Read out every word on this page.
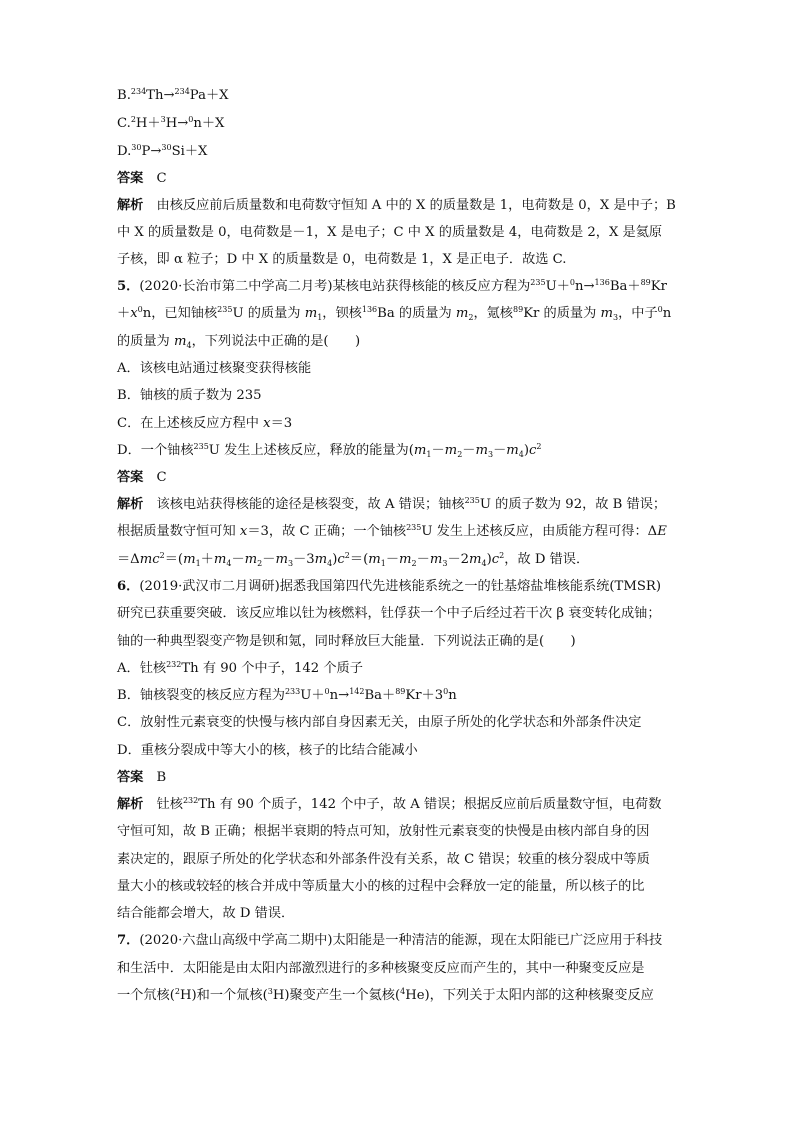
B.$^{234}$Th→$^{234}$Pa＋X
C.$^2$H＋$^3$H→$^0$n＋X
D.$^{30}$P→$^{30}$Si＋X
答案　C
解析　由核反应前后质量数和电荷数守恒知 A 中的 X 的质量数是 1，电荷数是 0，X 是中子；B
中 X 的质量数是 0，电荷数是－1，X 是电子；C 中 X 的质量数是 4，电荷数是 2，X 是氦原
子核，即 α 粒子；D 中 X 的质量数是 0，电荷数是 1，X 是正电子．故选 C.
5．(2020·长治市第二中学高二月考)某核电站获得核能的核反应方程为$^{235}$U＋$^0$n→$^{136}$Ba＋$^{89}$Kr
$+x^0n$，已知铀核$^{235}$U 的质量为 $m_1$，钡核$^{136}$Ba 的质量为 $m_2$，氪核$^{89}$Kr 的质量为 $m_3$，中子$^0$n
的质量为 $m_4$，下列说法中正确的是(　　)
A．该核电站通过核聚变获得核能
B．铀核的质子数为 235
C．在上述核反应方程中 x＝3
D．一个铀核$^{235}$U 发生上述核反应，释放的能量为$(m_1-m_2-m_3-m_4)c^2$
答案　C
解析　该核电站获得核能的途径是核裂变，故 A 错误；铀核$^{235}$U 的质子数为 92，故 B 错误；
根据质量数守恒可知 x＝3，故 C 正确；一个铀核$^{235}$U 发生上述核反应，由质能方程可得：ΔE
$=\Delta mc^2=(m_1+m_4-m_2-m_3-3m_4)c^2=(m_1-m_2-m_3-2m_4)c^2$，故 D 错误．
6．(2019·武汉市二月调研)据悉我国第四代先进核能系统之一的钍基熔盐堆核能系统(TMSR)
研究已获重要突破．该反应堆以钍为核燃料，钍俘获一个中子后经过若干次 β 衰变转化成铀；
铀的一种典型裂变产物是钡和氪，同时释放巨大能量．下列说法正确的是(　　)
A．钍核$^{232}$Th 有 90 个中子，142 个质子
B．铀核裂变的核反应方程为$^{233}U+^0n\to^{142}Ba+^{89}Kr+3^0n$
C．放射性元素衰变的快慢与核内部自身因素无关，由原子所处的化学状态和外部条件决定
D．重核分裂成中等大小的核，核子的比结合能减小
答案　B
解析　钍核$^{232}$Th 有 90 个质子，142 个中子，故 A 错误；根据反应前后质量数守恒，电荷数
守恒可知，故 B 正确；根据半衰期的特点可知，放射性元素衰变的快慢是由核内部自身的因
素决定的，跟原子所处的化学状态和外部条件没有关系，故 C 错误；较重的核分裂成中等质
量大小的核或较轻的核合并成中等质量大小的核的过程中会释放一定的能量，所以核子的比
结合能都会增大，故 D 错误．
7．(2020·六盘山高级中学高二期中)太阳能是一种清洁的能源，现在太阳能已广泛应用于科技
和生活中．太阳能是由太阳内部激烈进行的多种核聚变反应而产生的，其中一种聚变反应是
一个氘核($^2$H)和一个氚核($^3$H)聚变产生一个氦核($^4$He)，下列关于太阳内部的这种核聚变反应
